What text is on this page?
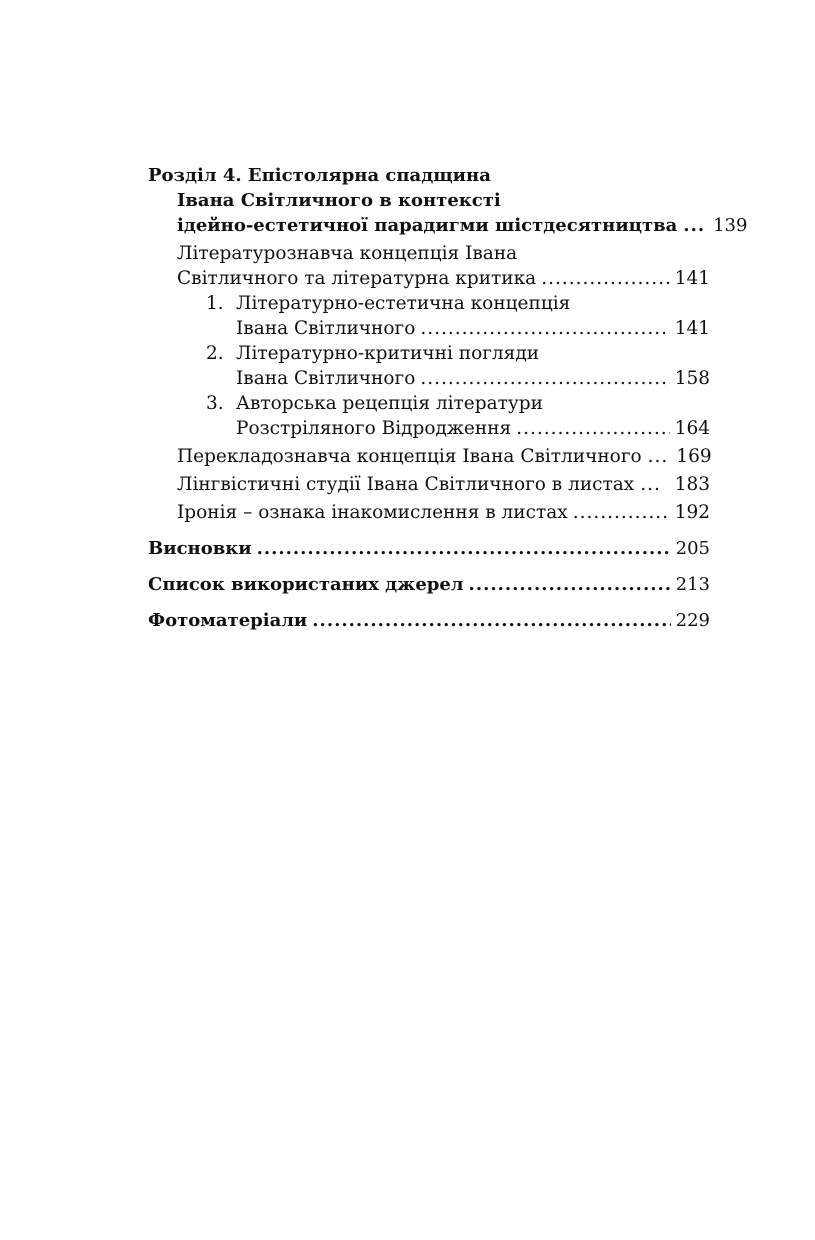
Розділ 4. Епістолярна спадщина
Івана Світличного в контексті
ідейно-естетичної парадигми шістдесятництва ... 139
Літературознавча концепція Івана
Світличного та літературна критика .....	141
1. Літературно-естетична концепція
Івана Світличного .....	141
2. Літературно-критичні погляди
Івана Світличного .....	158
3. Авторська рецепція літератури
Розстріляного Відродження .....	164
Перекладознавча концепція Івана Світличного ... 169
Лінгвістичні студії Івана Світличного в листах ... 183
Іронія – ознака інакомислення в листах .....	192
Висновки .....	205
Список використаних джерел .....	213
Фотоматеріали .....	229
